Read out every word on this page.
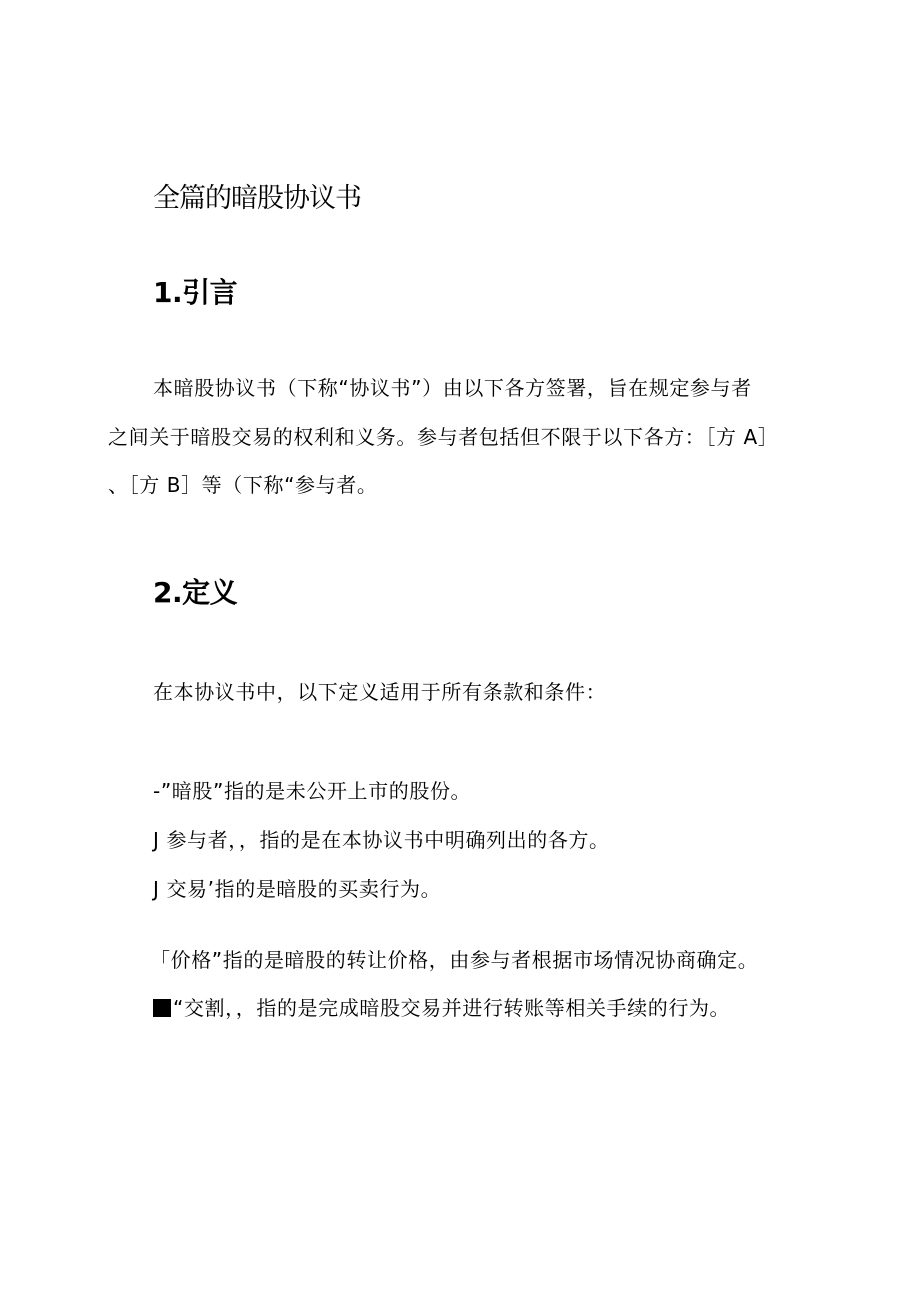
全篇的暗股协议书
1.引言
本暗股协议书（下称“协议书”）由以下各方签署，旨在规定参与者
之间关于暗股交易的权利和义务。参与者包括但不限于以下各方：［方 A］
、［方 B］等（下称“参与者。
2.定义
在本协议书中，以下定义适用于所有条款和条件：
-”暗股”指的是未公开上市的股份。
J 参与者，，指的是在本协议书中明确列出的各方。
J 交易’指的是暗股的买卖行为。
「价格”指的是暗股的转让价格，由参与者根据市场情况协商确定。
“交割，，指的是完成暗股交易并进行转账等相关手续的行为。
